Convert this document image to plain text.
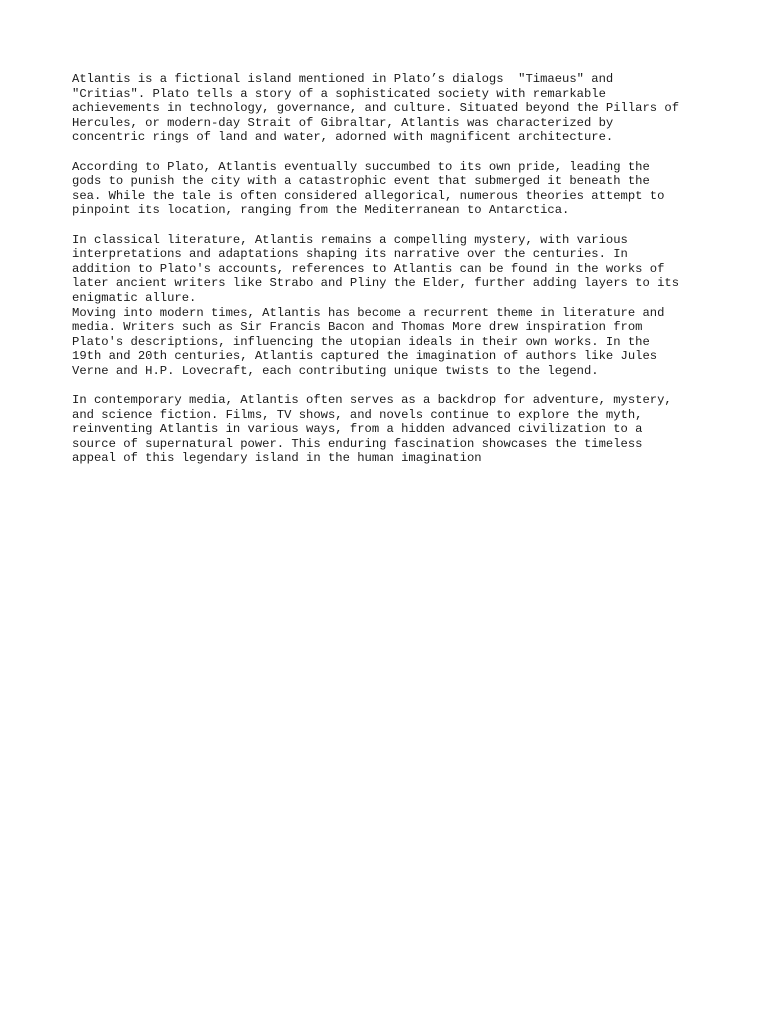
Atlantis is a fictional island mentioned in Plato’s dialogs  "Timaeus" and
"Critias". Plato tells a story of a sophisticated society with remarkable
achievements in technology, governance, and culture. Situated beyond the Pillars of
Hercules, or modern-day Strait of Gibraltar, Atlantis was characterized by
concentric rings of land and water, adorned with magnificent architecture.

According to Plato, Atlantis eventually succumbed to its own pride, leading the
gods to punish the city with a catastrophic event that submerged it beneath the
sea. While the tale is often considered allegorical, numerous theories attempt to
pinpoint its location, ranging from the Mediterranean to Antarctica.

In classical literature, Atlantis remains a compelling mystery, with various
interpretations and adaptations shaping its narrative over the centuries. In
addition to Plato's accounts, references to Atlantis can be found in the works of
later ancient writers like Strabo and Pliny the Elder, further adding layers to its
enigmatic allure.

Moving into modern times, Atlantis has become a recurrent theme in literature and
media. Writers such as Sir Francis Bacon and Thomas More drew inspiration from
Plato's descriptions, influencing the utopian ideals in their own works. In the
19th and 20th centuries, Atlantis captured the imagination of authors like Jules
Verne and H.P. Lovecraft, each contributing unique twists to the legend.

In contemporary media, Atlantis often serves as a backdrop for adventure, mystery,
and science fiction. Films, TV shows, and novels continue to explore the myth,
reinventing Atlantis in various ways, from a hidden advanced civilization to a
source of supernatural power. This enduring fascination showcases the timeless
appeal of this legendary island in the human imagination
